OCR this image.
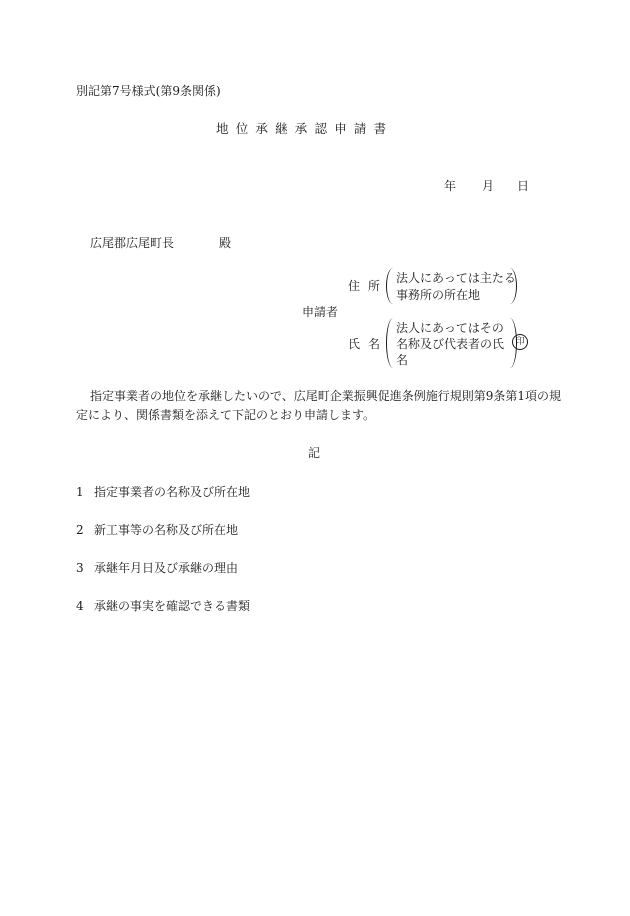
別記第7号様式(第9条関係)
地位承継承認申請書
年 月 日
広尾郡広尾町長	殿
申請者
住所
法人にあっては主たる
事務所の所在地
氏名
法人にあってはその
名称及び代表者の氏
名
印
指定事業者の地位を承継したいので、広尾町企業振興促進条例施行規則第9条第1項の規
定により、関係書類を添えて下記のとおり申請します。
記
1 指定事業者の名称及び所在地
2 新工事等の名称及び所在地
3 承継年月日及び承継の理由
4 承継の事実を確認できる書類
